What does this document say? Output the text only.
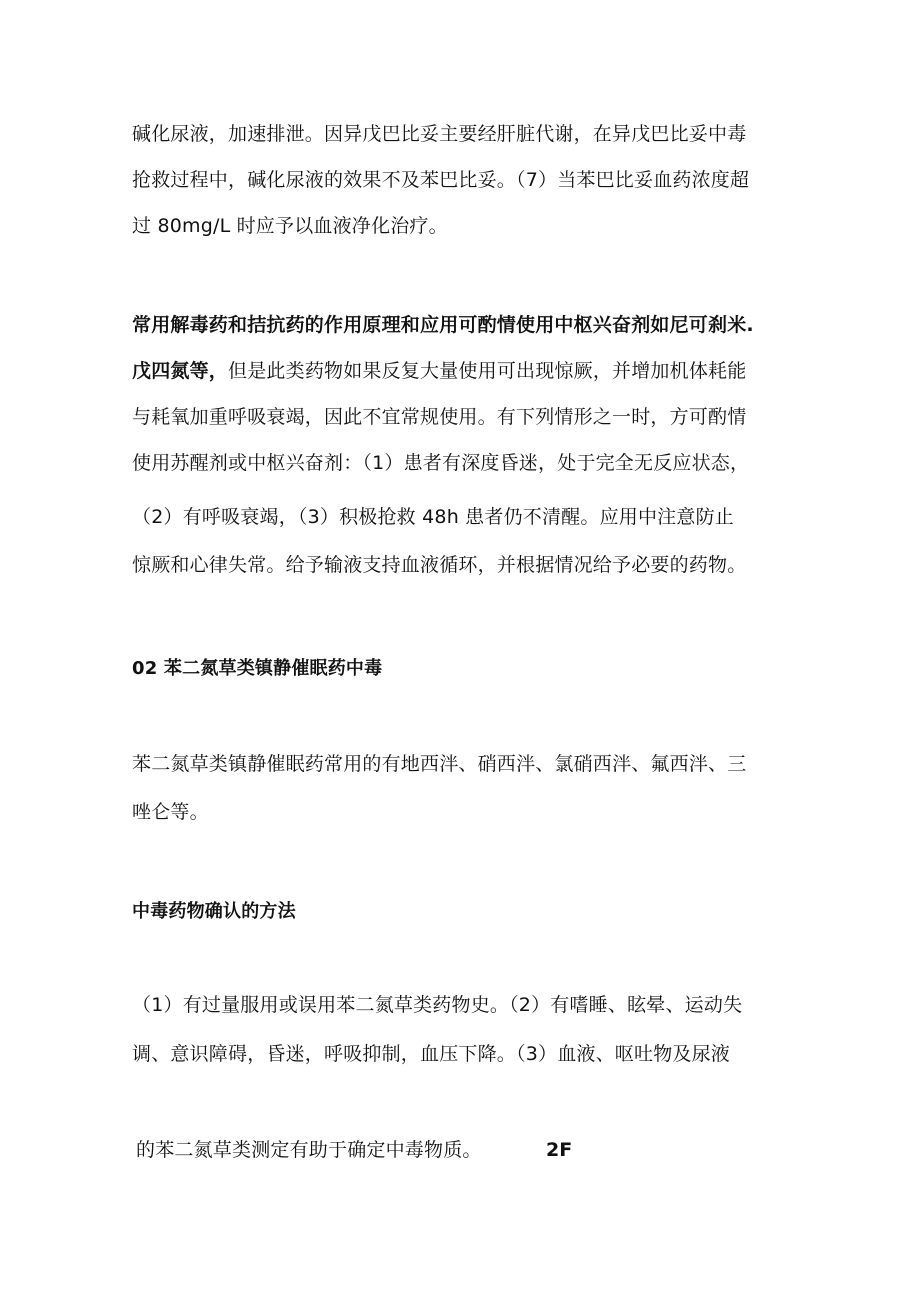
碱化尿液，加速排泄。因异戊巴比妥主要经肝脏代谢，在异戊巴比妥中毒
抢救过程中，碱化尿液的效果不及苯巴比妥。（7）当苯巴比妥血药浓度超
过 80mg/L 时应予以血液净化治疗。
常用解毒药和拮抗药的作用原理和应用可酌情使用中枢兴奋剂如尼可刹米.
戊四氮等，但是此类药物如果反复大量使用可出现惊厥，并增加机体耗能
与耗氧加重呼吸衰竭，因此不宜常规使用。有下列情形之一时，方可酌情
使用苏醒剂或中枢兴奋剂：（1）患者有深度昏迷，处于完全无反应状态，
（2）有呼吸衰竭，（3）积极抢救 48h 患者仍不清醒。应用中注意防止
惊厥和心律失常。给予输液支持血液循环，并根据情况给予必要的药物。
02 苯二氮草类镇静催眠药中毒
苯二氮草类镇静催眠药常用的有地西泮、硝西泮、氯硝西泮、氟西泮、三
唑仑等。
中毒药物确认的方法
（1）有过量服用或误用苯二氮草类药物史。（2）有嗜睡、眩晕、运动失
调、意识障碍，昏迷，呼吸抑制，血压下降。（3）血液、呕吐物及尿液
的苯二氮草类测定有助于确定中毒物质。	2F
